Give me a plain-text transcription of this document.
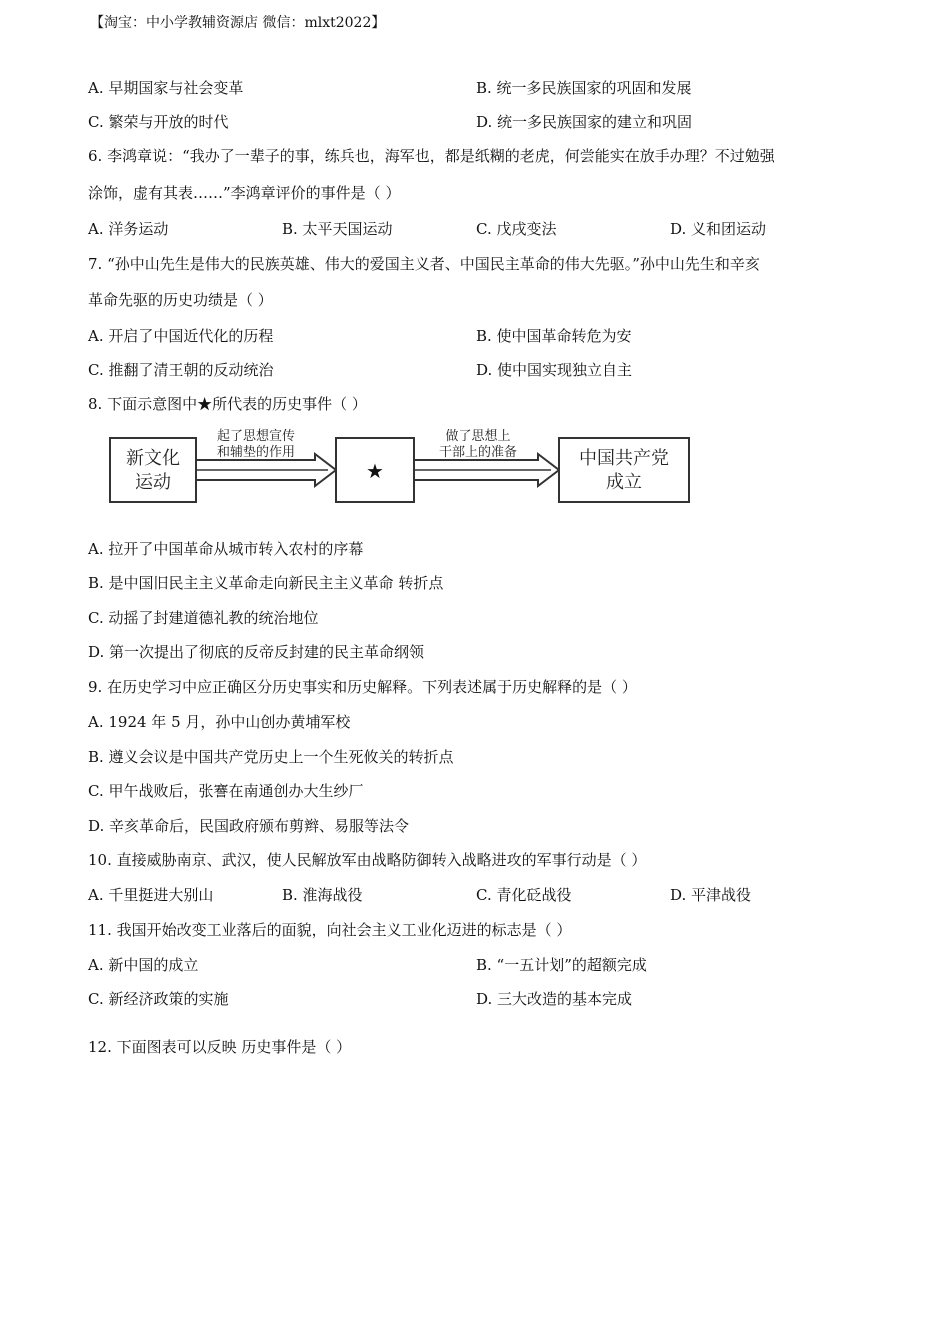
【淘宝：中小学教辅资源店 微信：mlxt2022】
A. 早期国家与社会变革	B. 统一多民族国家的巩固和发展
C. 繁荣与开放的时代	D. 统一多民族国家的建立和巩固
6. 李鸿章说：“我办了一辈子的事，练兵也，海军也，都是纸糊的老虎，何尝能实在放手办理？不过勉强
涂饰，虚有其表……”李鸿章评价的事件是（ ）
A. 洋务运动	B. 太平天国运动	C. 戊戌变法	D. 义和团运动
7. “孙中山先生是伟大的民族英雄、伟大的爱国主义者、中国民主革命的伟大先驱。”孙中山先生和辛亥
革命先驱的历史功绩是（ ）
A. 开启了中国近代化的历程	B. 使中国革命转危为安
C. 推翻了清王朝的反动统治	D. 使中国实现独立自主
8. 下面示意图中★所代表的历史事件（ ）
新文化
运动
起了思想宣传
和辅垫的作用
★
做了思想上
干部上的准备	中国共产党
成立
A. 拉开了中国革命从城市转入农村的序幕
B. 是中国旧民主主义革命走向新民主主义革命 转折点
C. 动摇了封建道德礼教的统治地位
D. 第一次提出了彻底的反帝反封建的民主革命纲领
9. 在历史学习中应正确区分历史事实和历史解释。下列表述属于历史解释的是（ ）
A. 1924 年 5 月，孙中山创办黄埔军校
B. 遵义会议是中国共产党历史上一个生死攸关的转折点
C. 甲午战败后，张謇在南通创办大生纱厂
D. 辛亥革命后，民国政府颁布剪辫、易服等法令
10. 直接威胁南京、武汉，使人民解放军由战略防御转入战略进攻的军事行动是（ ）
A. 千里挺进大别山	B. 淮海战役	C. 青化砭战役	D. 平津战役
11. 我国开始改变工业落后的面貌，向社会主义工业化迈进的标志是（ ）
A. 新中国的成立	B. “一五计划”的超额完成
C. 新经济政策的实施	D. 三大改造的基本完成
12. 下面图表可以反映 历史事件是（ ）
